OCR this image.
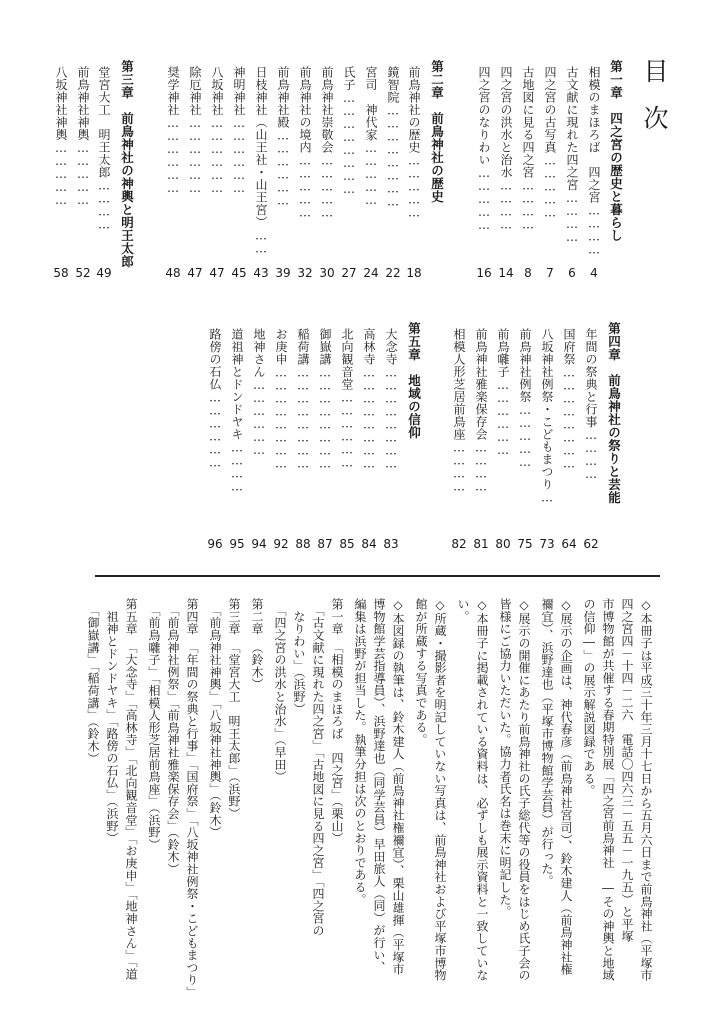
目次
第一章　四之宮の歴史と暮らし
相模のまほろば　四之宮…………
4
古文献に現れた四之宮…………
6
四之宮の古写真……………
7
古地図に見る四之宮…………
8
四之宮の洪水と治水…………
14
四之宮のなりわい……………
16
第二章　前鳥神社の歴史
前鳥神社の歴史……………
18
鏡智院……………………
22
宮司　神代家……………
24
氏子……………………
27
前鳥神社崇敬会……………
30
前鳥神社の境内……………
32
前鳥神社殿………………
39
日枝神社（山王社・山王宮）……
43
神明神社………………
45
八坂神社………………
47
除厄神社………………
47
奨学神社………………
48
第三章　前鳥神社の神輿と明王太郎
堂宮大工　明王太郎…………
49
前鳥神社神輿……………
52
八坂神社神輿……………
58
第四章　前鳥神社の祭りと芸能
年間の祭典と行事…………
62
国府祭……………………
64
八坂神社例祭・こどもまつり…
73
前鳥神社例祭……………
75
前鳥囃子………………
80
前鳥神社雅楽保存会…………
81
相模人形芝居前鳥座…………
82
第五章　地域の信仰
大念寺……………………
83
高林寺……………………
84
北向観音堂………………
85
御嶽講……………………
87
稲荷講……………………
88
お庚申……………………
92
地神さん………………
94
道祖神とドンドヤキ…………
95
路傍の石仏………………
96
◇本冊子は平成三十年三月十七日から五月六日まで前鳥神社（平塚市
四之宮四－十四－二六　電話〇四六三－五五－一九五）と平塚
市博物館が共催する春期特別展「四之宮前鳥神社　―その神輿と地域
の信仰―」の展示解説図録である。
◇展示の企画は、神代春彦（前鳥神社宮司）、鈴木建人（前鳥神社権
禰宜）、浜野達也（平塚市博物館学芸員）が行った。
◇展示の開催にあたり前鳥神社の氏子総代等の役員をはじめ氏子会の
皆様にご協力いただいた。協力者氏名は巻末に明記した。
◇本冊子に掲載されている資料は、必ずしも展示資料と一致していな
い。
◇所蔵・撮影者を明記していない写真は、前鳥神社および平塚市博物
館が所蔵する写真である。
◇本図録の執筆は、鈴木建人（前鳥神社権禰宜）、栗山雄揮（平塚市
博物館学芸指導員）、浜野達也（同学芸員）早田旅人（同）が行い、
編集は浜野が担当した。執筆分担は次のとおりである。
第一章　「相模のまほろば　四之宮」（栗山）
　「古文献に現れた四之宮」「古地図に見る四之宮」「四之宮の
　なりわい」（浜野）
　「四之宮の洪水と治水」（早田）
第二章　（鈴木）
第三章　「堂宮大工　明王太郎」（浜野）
　「前鳥神社神輿」「八坂神社神輿」（鈴木）
第四章　「年間の祭典と行事」「国府祭」「八坂神社例祭・こどもまつり」
　「前鳥神社例祭」「前鳥神社雅楽保存会」（鈴木）
　「前鳥囃子」「相模人形芝居前鳥座」（浜野）
第五章　「大念寺」「高林寺」「北向観音堂」「お庚申」「地神さん」「道
　祖神とドンドヤキ」「路傍の石仏」（浜野）
　「御嶽講」「稲荷講」（鈴木）
